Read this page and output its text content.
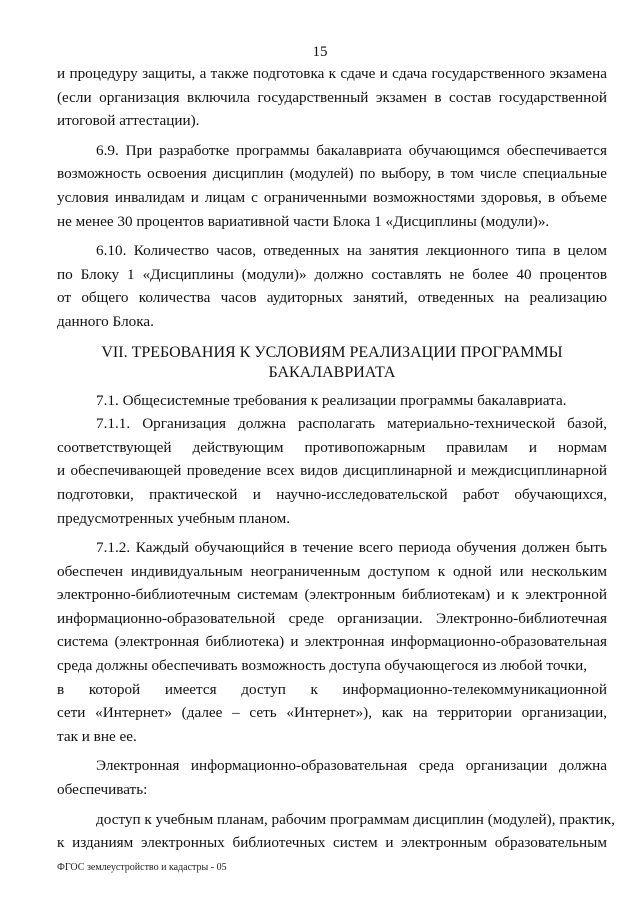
15
и процедуру защиты, а также подготовка к сдаче и сдача государственного экзамена
(если организация включила государственный экзамен в состав государственной
итоговой аттестации).
6.9. При разработке программы бакалавриата обучающимся обеспечивается
возможность освоения дисциплин (модулей) по выбору, в том числе специальные
условия инвалидам и лицам с ограниченными возможностями здоровья, в объеме
не менее 30 процентов вариативной части Блока 1 «Дисциплины (модули)».
6.10. Количество часов, отведенных на занятия лекционного типа в целом
по Блоку 1 «Дисциплины (модули)» должно составлять не более 40 процентов
от общего количества часов аудиторных занятий, отведенных на реализацию
данного Блока.
VII. ТРЕБОВАНИЯ К УСЛОВИЯМ РЕАЛИЗАЦИИ ПРОГРАММЫ
БАКАЛАВРИАТА
7.1. Общесистемные требования к реализации программы бакалавриата.
7.1.1. Организация должна располагать материально-технической базой,
соответствующей действующим противопожарным правилам и нормам
и обеспечивающей проведение всех видов дисциплинарной и междисциплинарной
подготовки, практической и научно-исследовательской работ обучающихся,
предусмотренных учебным планом.
7.1.2. Каждый обучающийся в течение всего периода обучения должен быть
обеспечен индивидуальным неограниченным доступом к одной или нескольким
электронно-библиотечным системам (электронным библиотекам) и к электронной
информационно-образовательной среде организации. Электронно-библиотечная
система (электронная библиотека) и электронная информационно-образовательная
среда должны обеспечивать возможность доступа обучающегося из любой точки,
в которой имеется доступ к информационно-телекоммуникационной
сети «Интернет» (далее – сеть «Интернет»), как на территории организации,
так и вне ее.
Электронная информационно-образовательная среда организации должна
обеспечивать:
доступ к учебным планам, рабочим программам дисциплин (модулей), практик,
к изданиям электронных библиотечных систем и электронным образовательным
ФГОС землеустройство и кадастры - 05
